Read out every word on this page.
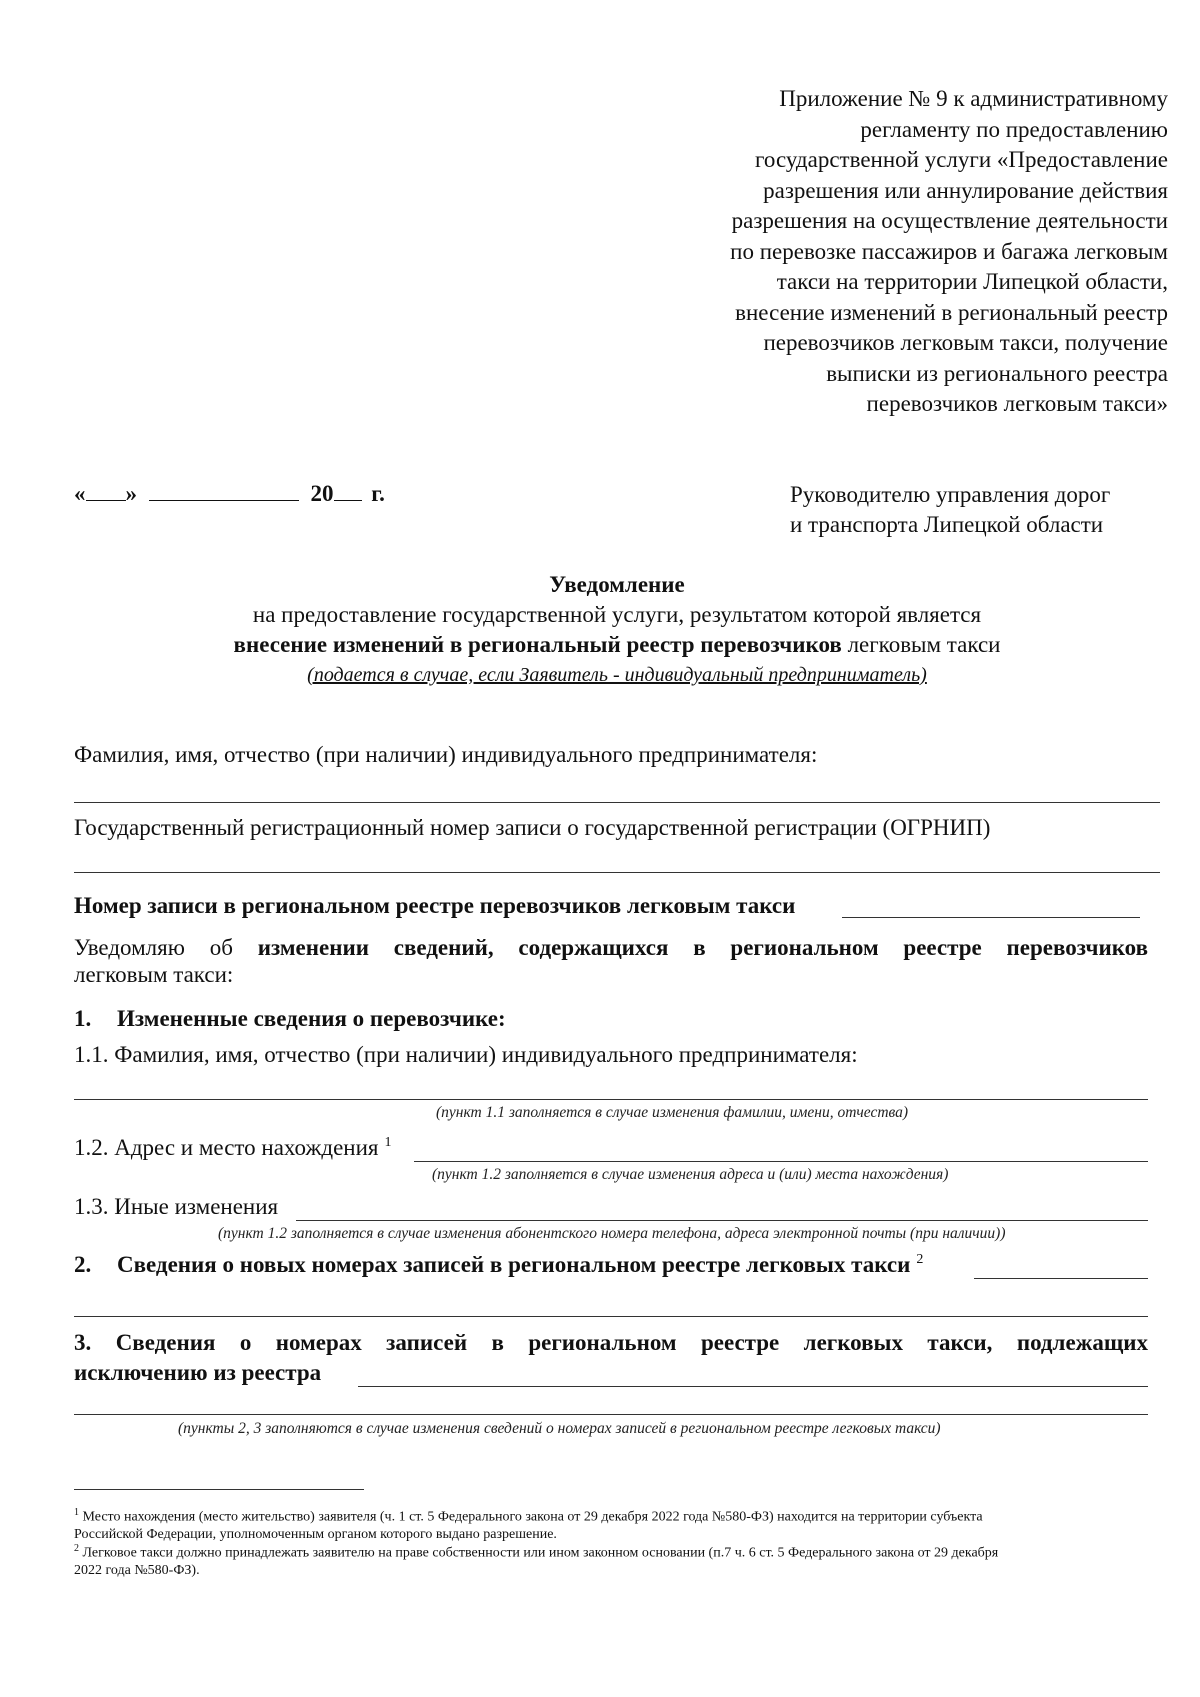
Приложение № 9 к административному
регламенту по предоставлению
государственной услуги «Предоставление
разрешения или аннулирование действия
разрешения на осуществление деятельности
по перевозке пассажиров и багажа легковым
такси на территории Липецкой области,
внесение изменений в региональный реестр
перевозчиков легковым такси, получение
выписки из регионального реестра
перевозчиков легковым такси»
« »	20 г.	Руководителю управления дорог
и транспорта Липецкой области
Уведомление
на предоставление государственной услуги, результатом которой является
внесение изменений в региональный реестр перевозчиков легковым такси
(подается в случае, если Заявитель - индивидуальный предприниматель)
Фамилия, имя, отчество (при наличии) индивидуального предпринимателя:
Государственный регистрационный номер записи о государственной регистрации (ОГРНИП)
Номер записи в региональном реестре перевозчиков легковым такси
Уведомляю об изменении сведений, содержащихся в региональном реестре перевозчиков
легковым такси:
1. Измененные сведения о перевозчике:
1.1. Фамилия, имя, отчество (при наличии) индивидуального предпринимателя:
(пункт 1.1 заполняется в случае изменения фамилии, имени, отчества)
1.2. Адрес и место нахождения $^1$
(пункт 1.2 заполняется в случае изменения адреса и (или) места нахождения)
1.3. Иные изменения
(пункт 1.2 заполняется в случае изменения абонентского номера телефона, адреса электронной почты (при наличии))
2. Сведения о новых номерах записей в региональном реестре легковых такси $^2$
3. Сведения о номерах записей в региональном реестре легковых такси, подлежащих
исключению из реестра
(пункты 2, 3 заполняются в случае изменения сведений о номерах записей в региональном реестре легковых такси)
$^1$ Место нахождения (место жительство) заявителя (ч. 1 ст. 5 Федерального закона от 29 декабря 2022 года №580-ФЗ) находится на территории субъекта
Российской Федерации, уполномоченным органом которого выдано разрешение.
$^2$ Легковое такси должно принадлежать заявителю на праве собственности или ином законном основании (п.7 ч. 6 ст. 5 Федерального закона от 29 декабря
2022 года №580-ФЗ).
